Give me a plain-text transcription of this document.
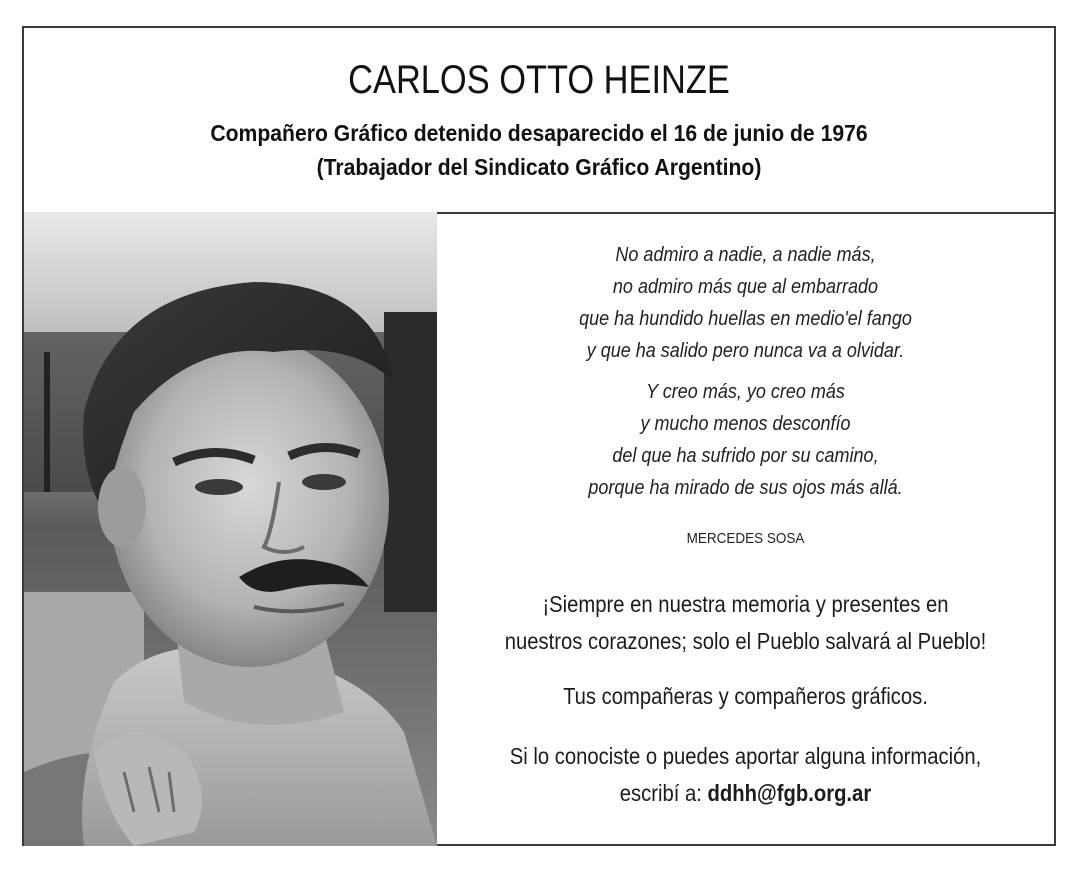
CARLOS OTTO HEINZE
Compañero Gráfico detenido desaparecido el 16 de junio de 1976
(Trabajador del Sindicato Gráfico Argentino)
No admiro a nadie, a nadie más,
no admiro más que al embarrado
que ha hundido huellas en medio'el fango
y que ha salido pero nunca va a olvidar.
Y creo más, yo creo más
y mucho menos desconfío
del que ha sufrido por su camino,
porque ha mirado de sus ojos más allá.
MERCEDES SOSA
¡Siempre en nuestra memoria y presentes en
nuestros corazones; solo el Pueblo salvará al Pueblo!
Tus compañeras y compañeros gráficos.
Si lo conociste o puedes aportar alguna información,
escribí a: ddhh@fgb.org.ar
